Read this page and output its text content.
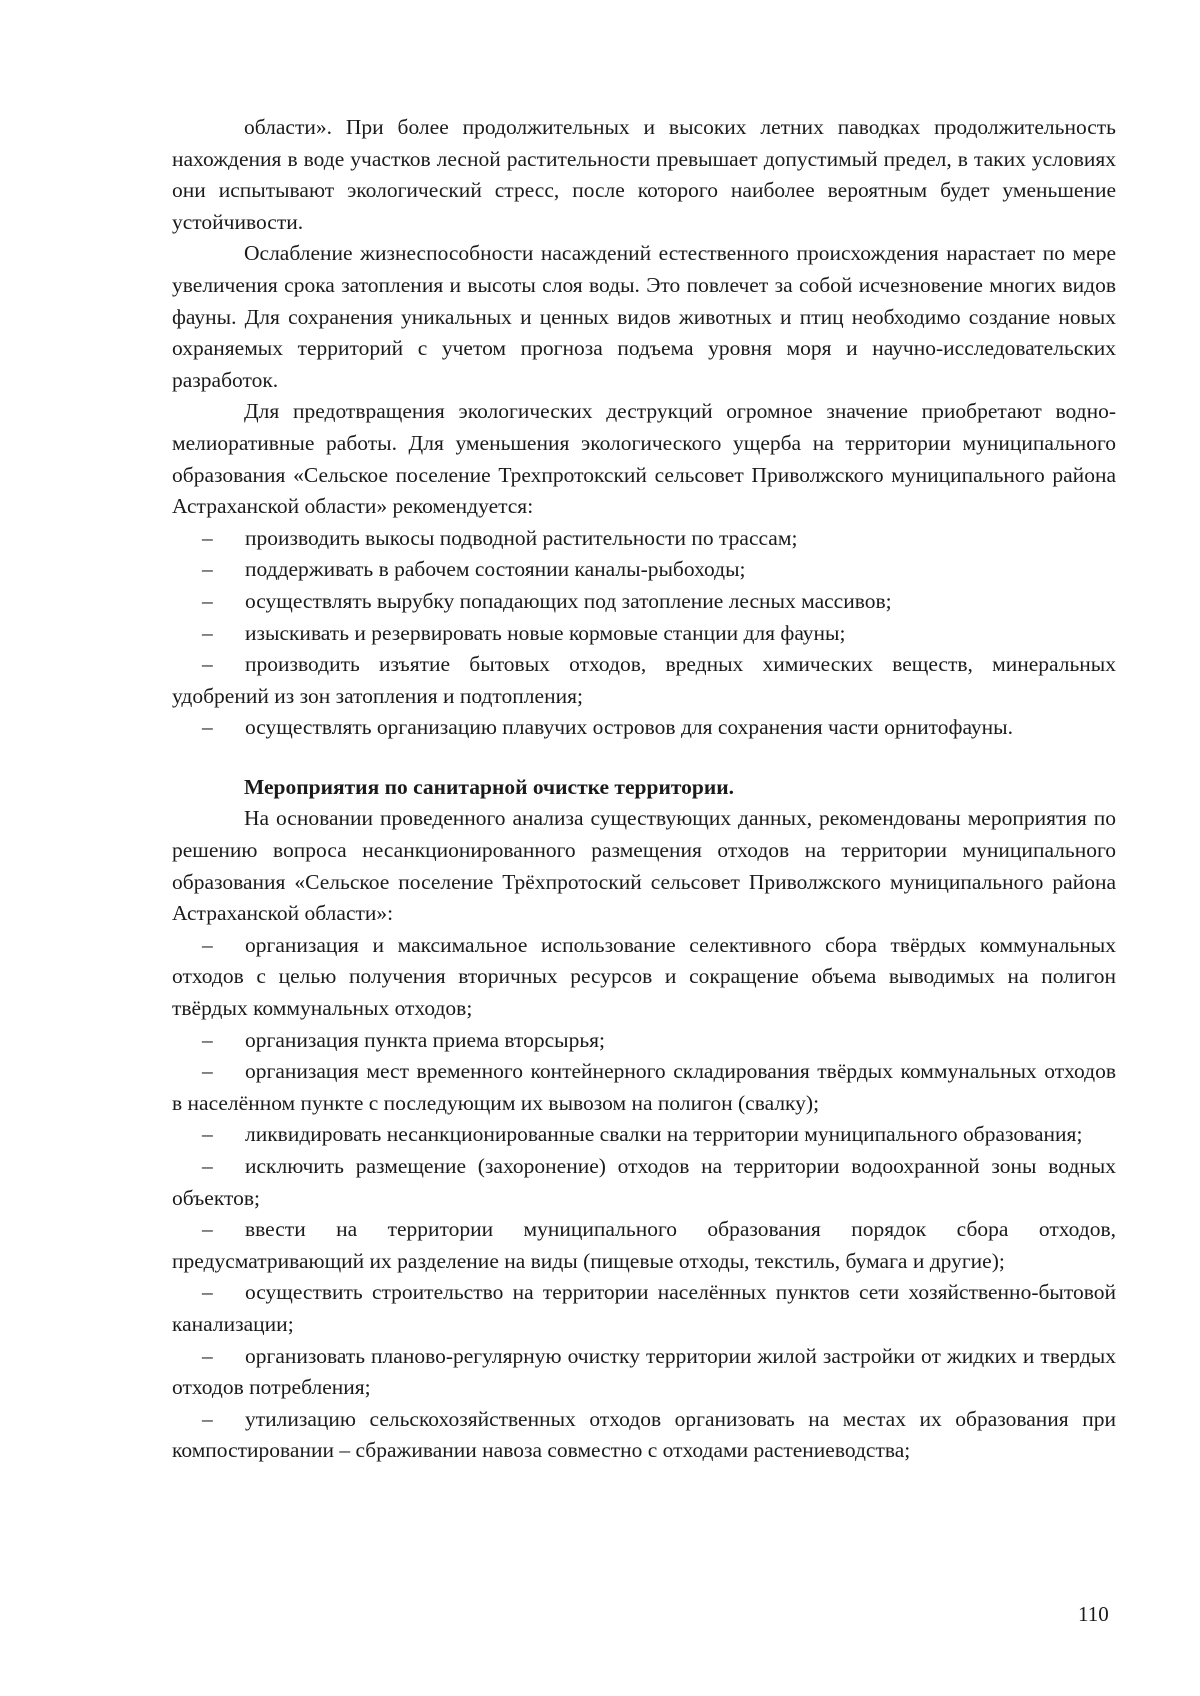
области». При более продолжительных и высоких летних паводках продолжительность нахождения в воде участков лесной растительности превышает допустимый предел, в таких условиях они испытывают экологический стресс, после которого наиболее вероятным будет уменьшение устойчивости.

Ослабление жизнеспособности насаждений естественного происхождения нарастает по мере увеличения срока затопления и высоты слоя воды. Это повлечет за собой исчезновение многих видов фауны. Для сохранения уникальных и ценных видов животных и птиц необходимо создание новых охраняемых территорий с учетом прогноза подъема уровня моря и научно-исследовательских разработок.

Для предотвращения экологических деструкций огромное значение приобретают водно-мелиоративные работы. Для уменьшения экологического ущерба на территории муниципального образования «Сельское поселение Трехпротокский сельсовет Приволжского муниципального района Астраханской области» рекомендуется:

– производить выкосы подводной растительности по трассам;

– поддерживать в рабочем состоянии каналы-рыбоходы;

– осуществлять вырубку попадающих под затопление лесных массивов;

– изыскивать и резервировать новые кормовые станции для фауны;

– производить изъятие бытовых отходов, вредных химических веществ, минеральных удобрений из зон затопления и подтопления;

– осуществлять организацию плавучих островов для сохранения части орнитофауны.

Мероприятия по санитарной очистке территории.

На основании проведенного анализа существующих данных, рекомендованы мероприятия по решению вопроса несанкционированного размещения отходов на территории муниципального образования «Сельское поселение Трёхпротоский сельсовет Приволжского муниципального района Астраханской области»:

– организация и максимальное использование селективного сбора твёрдых коммунальных отходов с целью получения вторичных ресурсов и сокращение объема выводимых на полигон твёрдых коммунальных отходов;

– организация пункта приема вторсырья;

– организация мест временного контейнерного складирования твёрдых коммунальных отходов в населённом пункте с последующим их вывозом на полигон (свалку);

– ликвидировать несанкционированные свалки на территории муниципального образования;

– исключить размещение (захоронение) отходов на территории водоохранной зоны водных объектов;

– ввести на территории муниципального образования порядок сбора отходов, предусматривающий их разделение на виды (пищевые отходы, текстиль, бумага и другие);

– осуществить строительство на территории населённых пунктов сети хозяйственно-бытовой канализации;

– организовать планово-регулярную очистку территории жилой застройки от жидких и твердых отходов потребления;

– утилизацию сельскохозяйственных отходов организовать на местах их образования при компостировании – сбраживании навоза совместно с отходами растениеводства;

110
